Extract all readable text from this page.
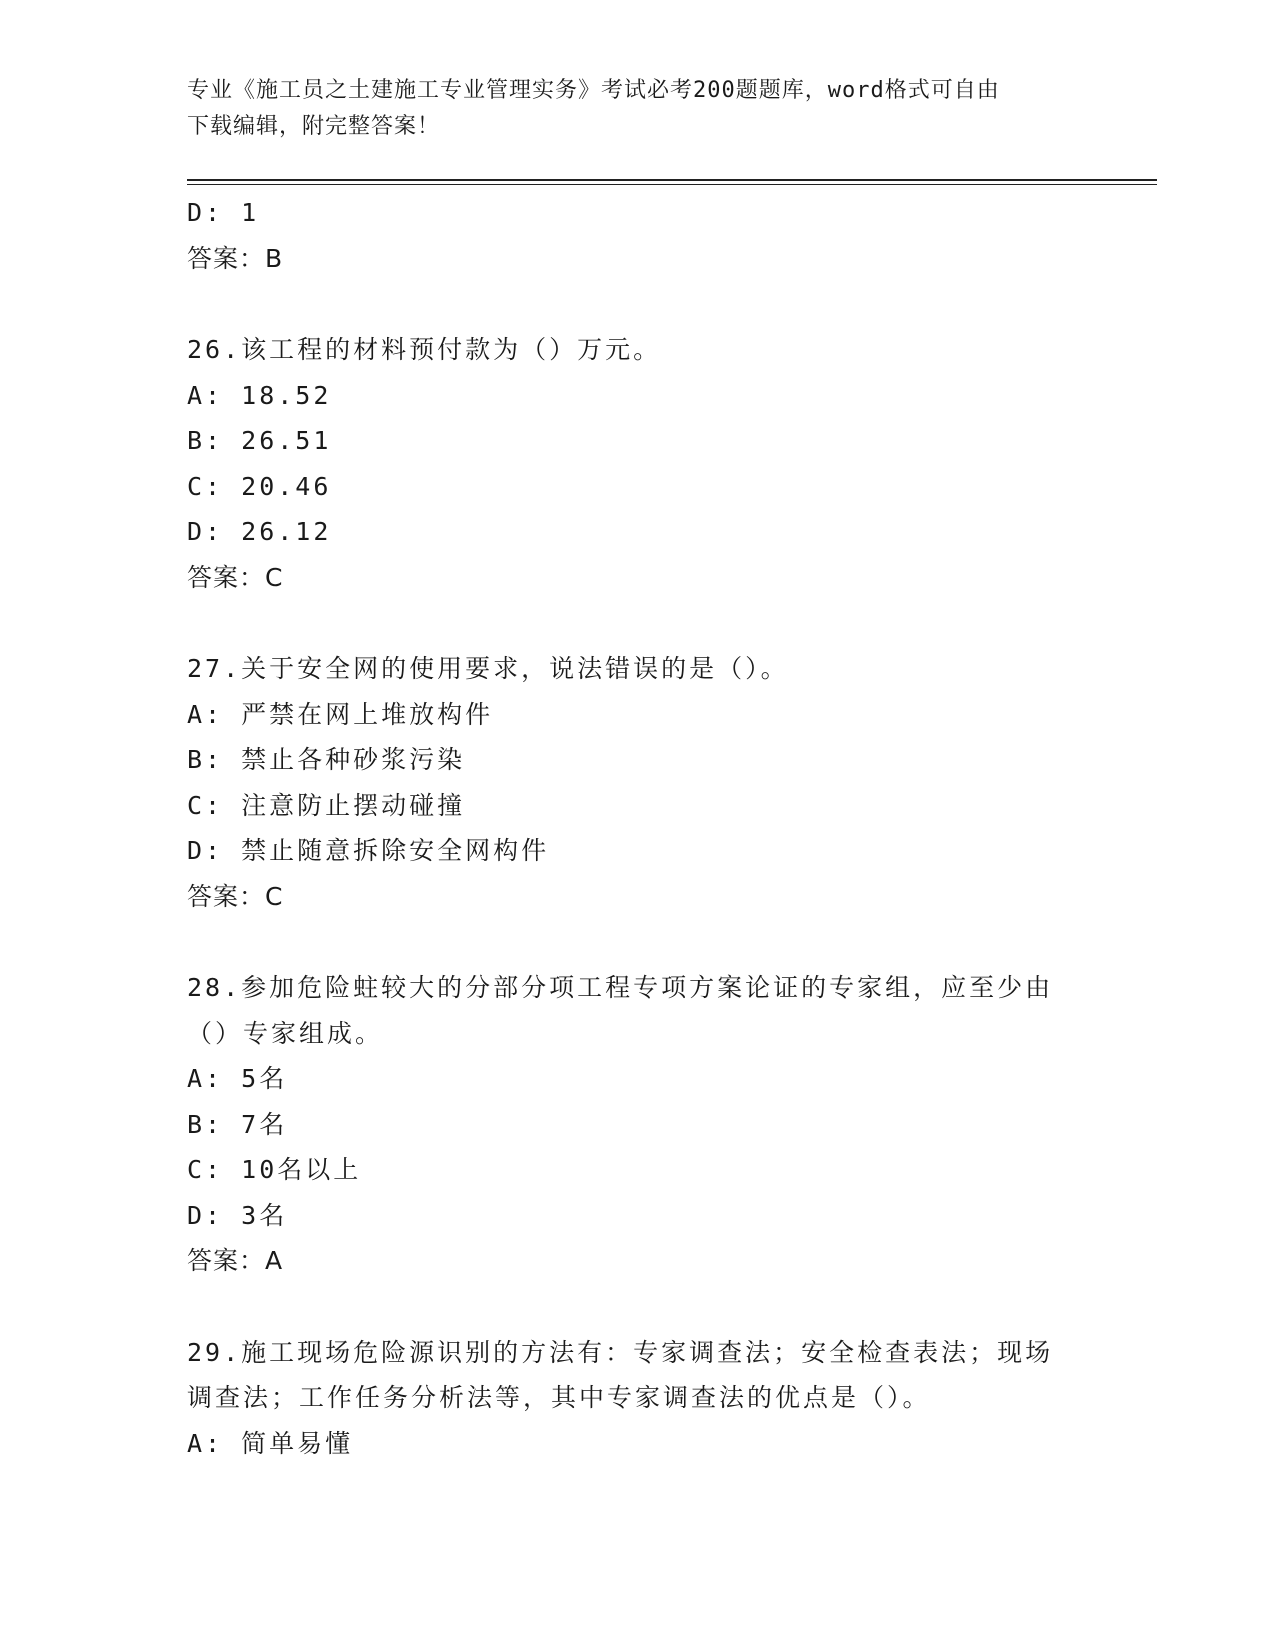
专业《施工员之土建施工专业管理实务》考试必考200题题库，word格式可自由
下载编辑，附完整答案！
D: 1
答案：B
26.该工程的材料预付款为（）万元。
A: 18.52
B: 26.51
C: 20.46
D: 26.12
答案：C
27.关于安全网的使用要求，说法错误的是（）。
A: 严禁在网上堆放构件
B: 禁止各种砂浆污染
C: 注意防止摆动碰撞
D: 禁止随意拆除安全网构件
答案：C
28.参加危险蛀较大的分部分项工程专项方案论证的专家组，应至少由
（）专家组成。
A: 5名
B: 7名
C: 10名以上
D: 3名
答案：A
29.施工现场危险源识别的方法有：专家调查法；安全检查表法；现场
调查法；工作任务分析法等，其中专家调查法的优点是（）。
A: 简单易懂
